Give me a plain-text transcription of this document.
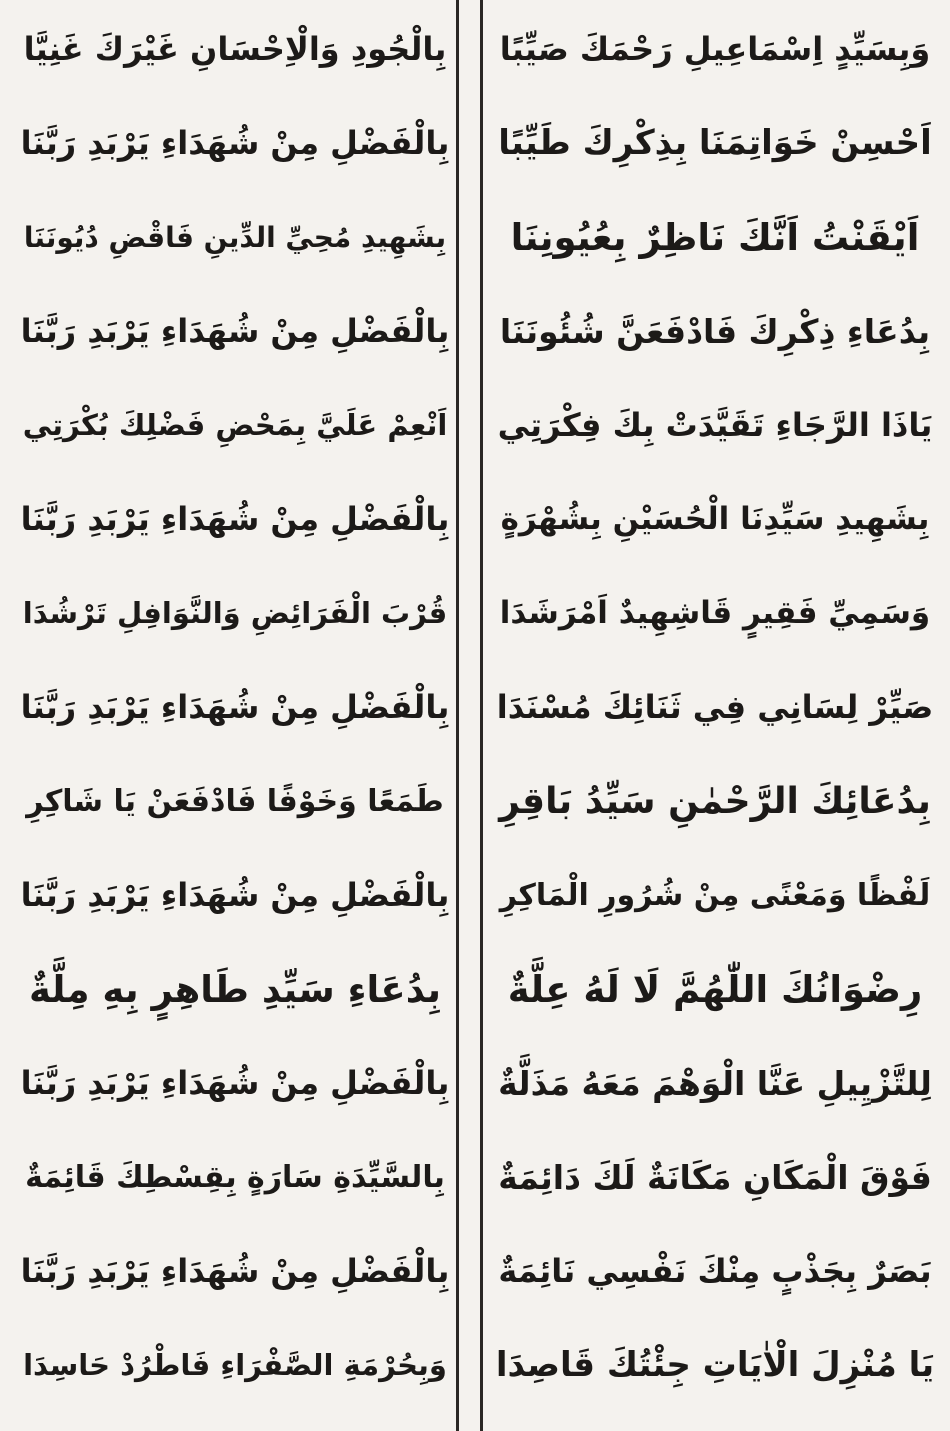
وَبِسَيِّدٍ اِسْمَاعِيلِ رَحْمَكَ صَيِّبًا
اَحْسِنْ خَوَاتِمَنَا بِذِكْرِكَ طَيِّبًا
اَيْقَنْتُ اَنَّكَ نَاظِرٌ بِعُيُونِنَا
بِدُعَاءِ ذِكْرِكَ فَادْفَعَنَّ شُئُونَنَا
يَاذَا الرَّجَاءِ تَقَيَّدَتْ بِكَ فِكْرَتِي
بِشَهِيدِ سَيِّدِنَا الْحُسَيْنِ بِشُهْرَةٍ
وَسَمِيِّ فَقِيرٍ قَاشِهِيدٌ اَمْرَشَدَا
صَيِّرْ لِسَانِي فِي ثَنَائِكَ مُسْنَدَا
بِدُعَائِكَ الرَّحْمٰنِ سَيِّدُ بَاقِرِ
لَفْظًا وَمَعْنًى مِنْ شُرُورِ الْمَاكِرِ
رِضْوَانُكَ اللّٰهُمَّ لَا لَهُ عِلَّةٌ
لِلتَّزْيِيلِ عَنَّا الْوَهْمَ مَعَهُ مَذَلَّةٌ
فَوْقَ الْمَكَانِ مَكَانَةٌ لَكَ دَائِمَةٌ
بَصَرٌ بِجَذْبٍ مِنْكَ نَفْسِي نَائِمَةٌ
يَا مُنْزِلَ الْاٰيَاتِ جِئْتُكَ قَاصِدَا
بِالْجُودِ وَالْاِحْسَانِ غَيْرَكَ غَنِيَّا
بِالْفَضْلِ مِنْ شُهَدَاءِ يَرْبَدِ رَبَّنَا
بِشَهِيدِ مُحِيِّ الدِّينِ فَاقْضِ دُيُونَنَا
بِالْفَضْلِ مِنْ شُهَدَاءِ يَرْبَدِ رَبَّنَا
اَنْعِمْ عَلَيَّ بِمَحْضِ فَضْلِكَ بُكْرَتِي
بِالْفَضْلِ مِنْ شُهَدَاءِ يَرْبَدِ رَبَّنَا
قُرْبَ الْفَرَائِضِ وَالنَّوَافِلِ تَرْشُدَا
بِالْفَضْلِ مِنْ شُهَدَاءِ يَرْبَدِ رَبَّنَا
طَمَعًا وَخَوْفًا فَادْفَعَنْ يَا شَاكِرِ
بِالْفَضْلِ مِنْ شُهَدَاءِ يَرْبَدِ رَبَّنَا
بِدُعَاءِ سَيِّدِ طَاهِرٍ بِهِ مِلَّةٌ
بِالْفَضْلِ مِنْ شُهَدَاءِ يَرْبَدِ رَبَّنَا
بِالسَّيِّدَةِ سَارَةٍ بِقِسْطِكَ قَائِمَةٌ
بِالْفَضْلِ مِنْ شُهَدَاءِ يَرْبَدِ رَبَّنَا
وَبِحُرْمَةِ الصَّفْرَاءِ فَاطْرُدْ حَاسِدَا
